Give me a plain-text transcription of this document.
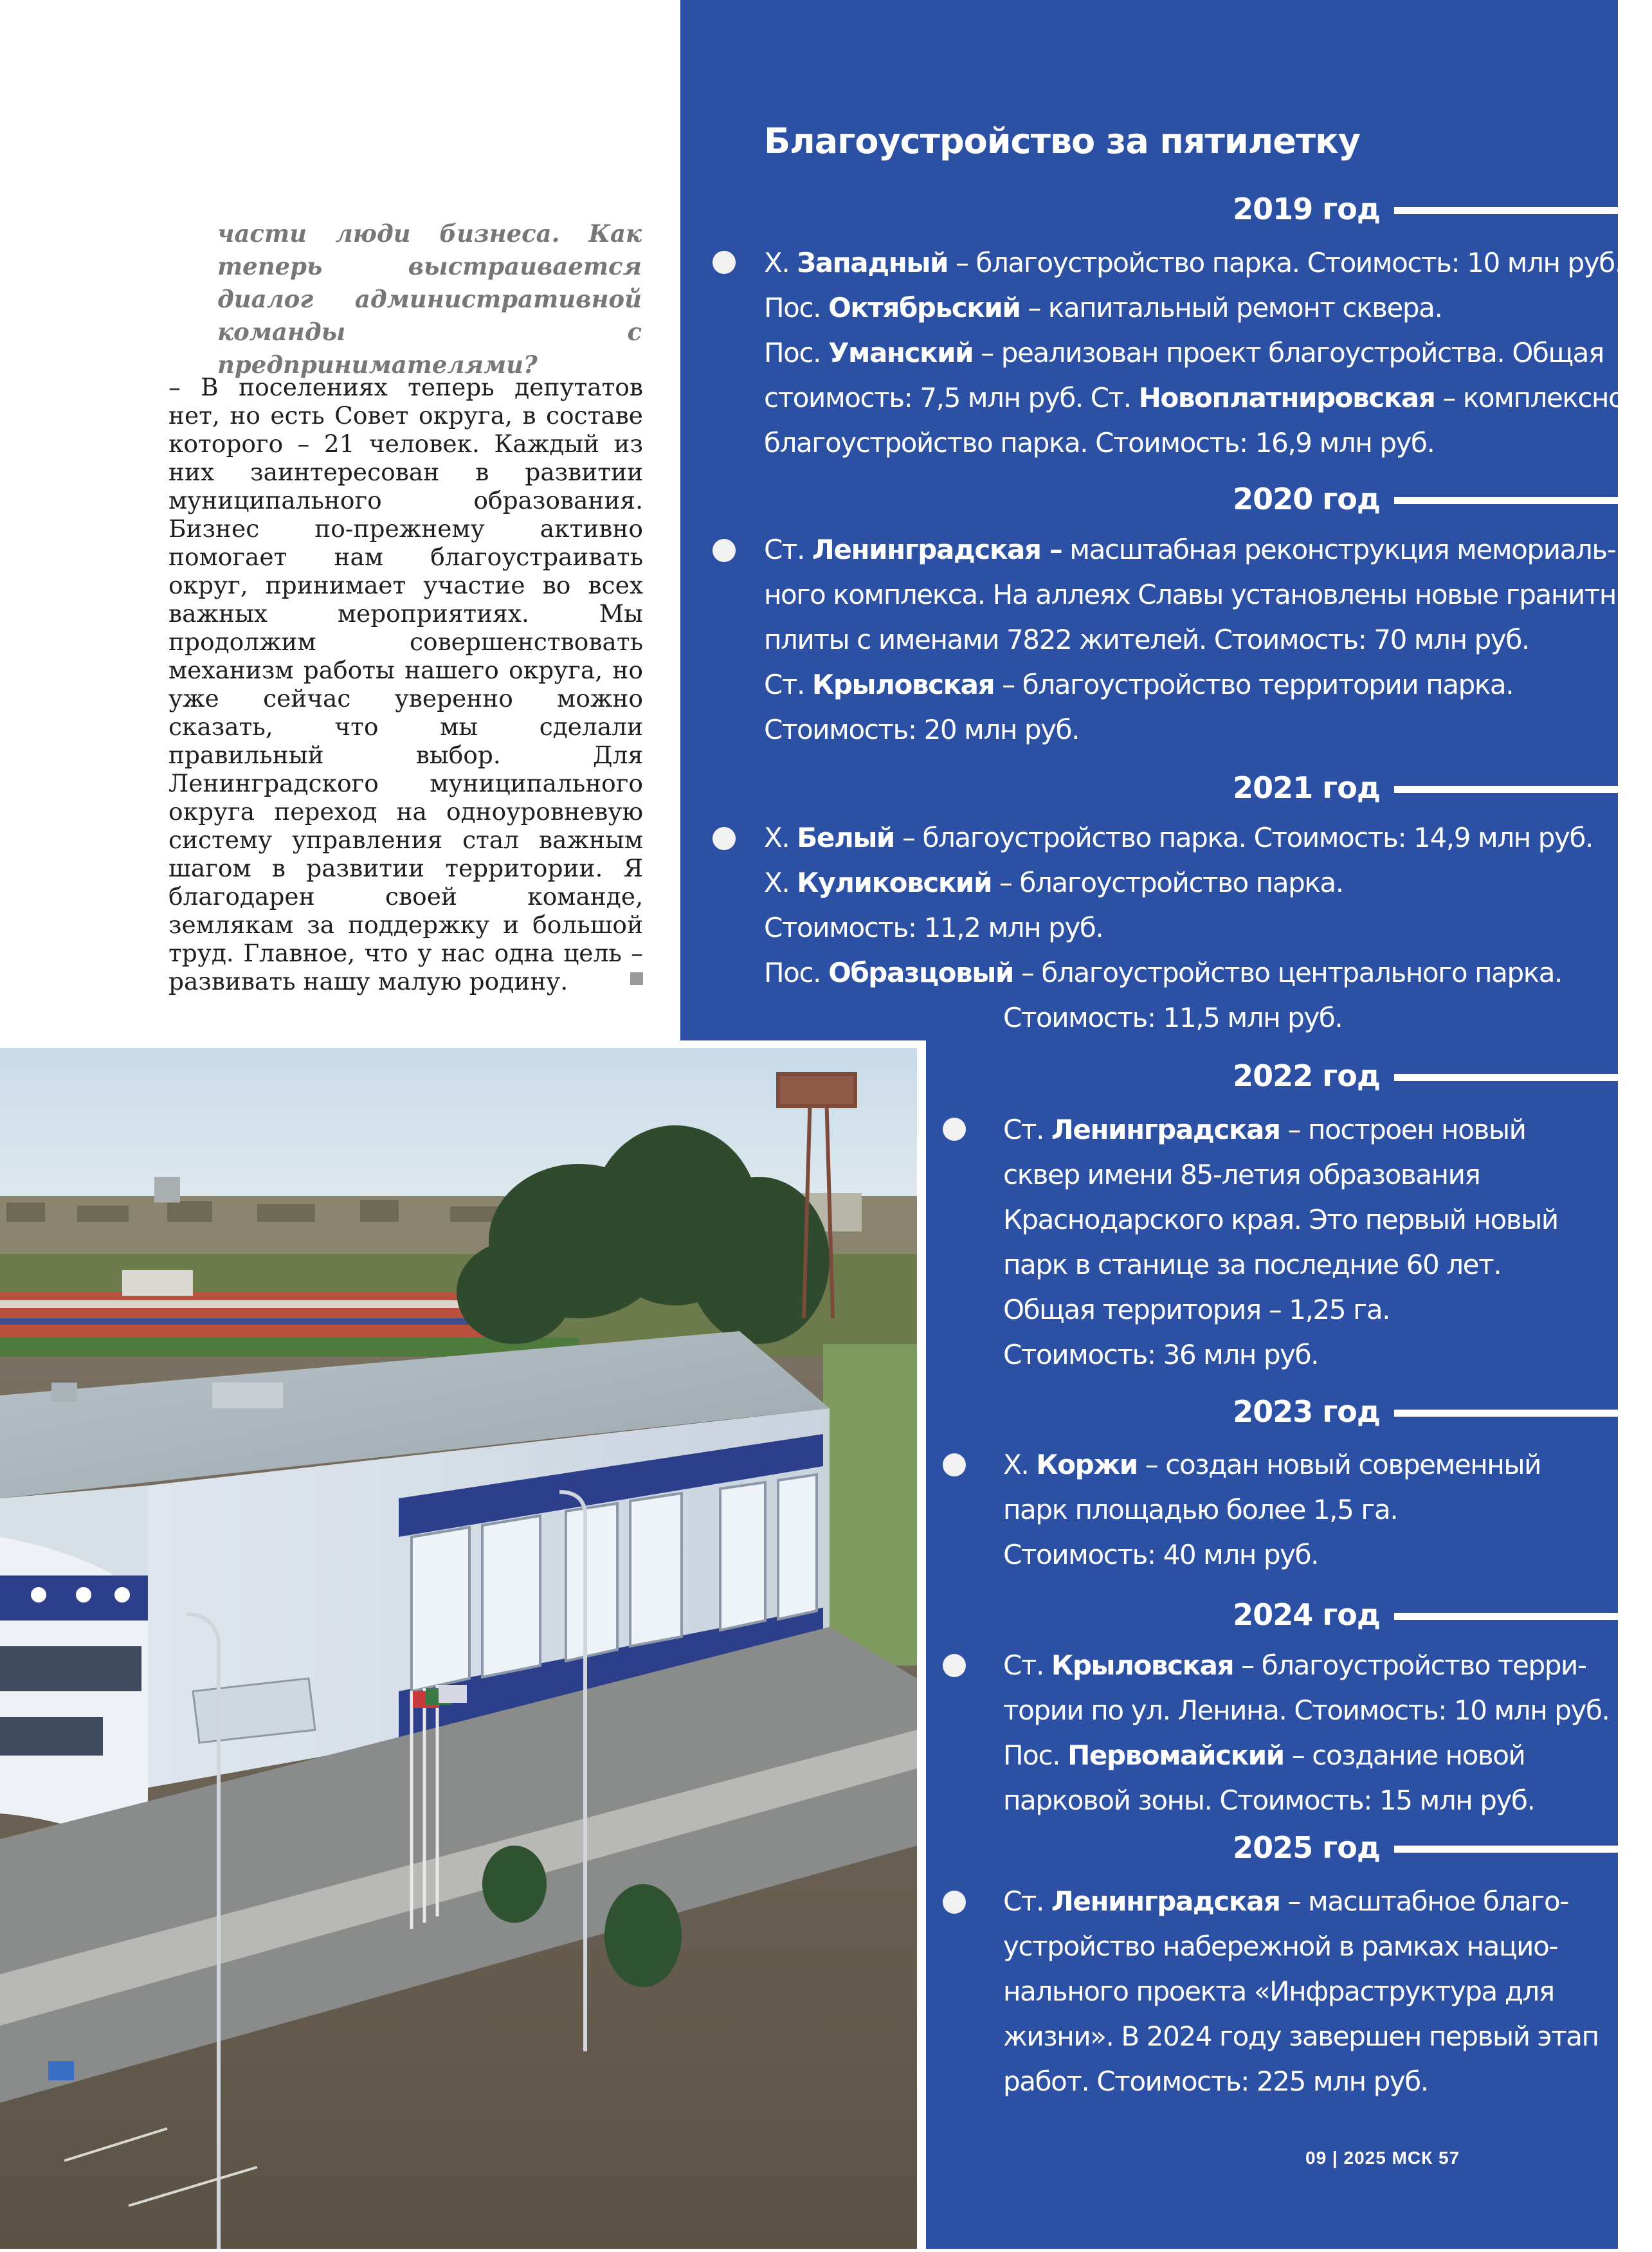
части люди бизнеса. Как теперь выстраивается диалог административной команды с предпринимателями?

– В поселениях теперь депутатов нет, но есть Совет округа, в составе которого – 21 человек. Каждый из них заинтересован в развитии муниципального образования. Бизнес по-прежнему активно помогает нам благоустраивать округ, принимает участие во всех важных мероприятиях. Мы продолжим совершенствовать механизм работы нашего округа, но уже сейчас уверенно можно сказать, что мы сделали правильный выбор. Для Ленинградского муниципального округа переход на одноуровневую систему управления стал важным шагом в развитии территории. Я благодарен своей команде, землякам за поддержку и большой труд. Главное, что у нас одна цель – развивать нашу малую родину.

Благоустройство за пятилетку
2019 год
Х. Западный – благоустройство парка. Стоимость: 10 млн руб.
Пос. Октябрьский – капитальный ремонт сквера.
Пос. Уманский – реализован проект благоустройства. Общая
стоимость: 7,5 млн руб. Ст. Новоплатнировская – комплексное
благоустройство парка. Стоимость: 16,9 млн руб.
2020 год
Ст. Ленинградская – масштабная реконструкция мемориаль-
ного комплекса. На аллеях Славы установлены новые гранитные
плиты с именами 7822 жителей. Стоимость: 70 млн руб.
Ст. Крыловская – благоустройство территории парка.
Стоимость: 20 млн руб.
2021 год
Х. Белый – благоустройство парка. Стоимость: 14,9 млн руб.
Х. Куликовский – благоустройство парка.
Стоимость: 11,2 млн руб.
Пос. Образцовый – благоустройство центрального парка.
Стоимость: 11,5 млн руб.
2022 год
Ст. Ленинградская – построен новый
сквер имени 85-летия образования
Краснодарского края. Это первый новый
парк в станице за последние 60 лет.
Общая территория – 1,25 га.
Стоимость: 36 млн руб.
2023 год
Х. Коржи – создан новый современный
парк площадью более 1,5 га.
Стоимость: 40 млн руб.
2024 год
Ст. Крыловская – благоустройство терри-
тории по ул. Ленина. Стоимость: 10 млн руб.
Пос. Первомайский – создание новой
парковой зоны. Стоимость: 15 млн руб.
2025 год
Ст. Ленинградская – масштабное благо-
устройство набережной в рамках нацио-
нального проекта «Инфраструктура для
жизни». В 2024 году завершен первый этап
работ. Стоимость: 225 млн руб.
09 | 2025 МСК 57
